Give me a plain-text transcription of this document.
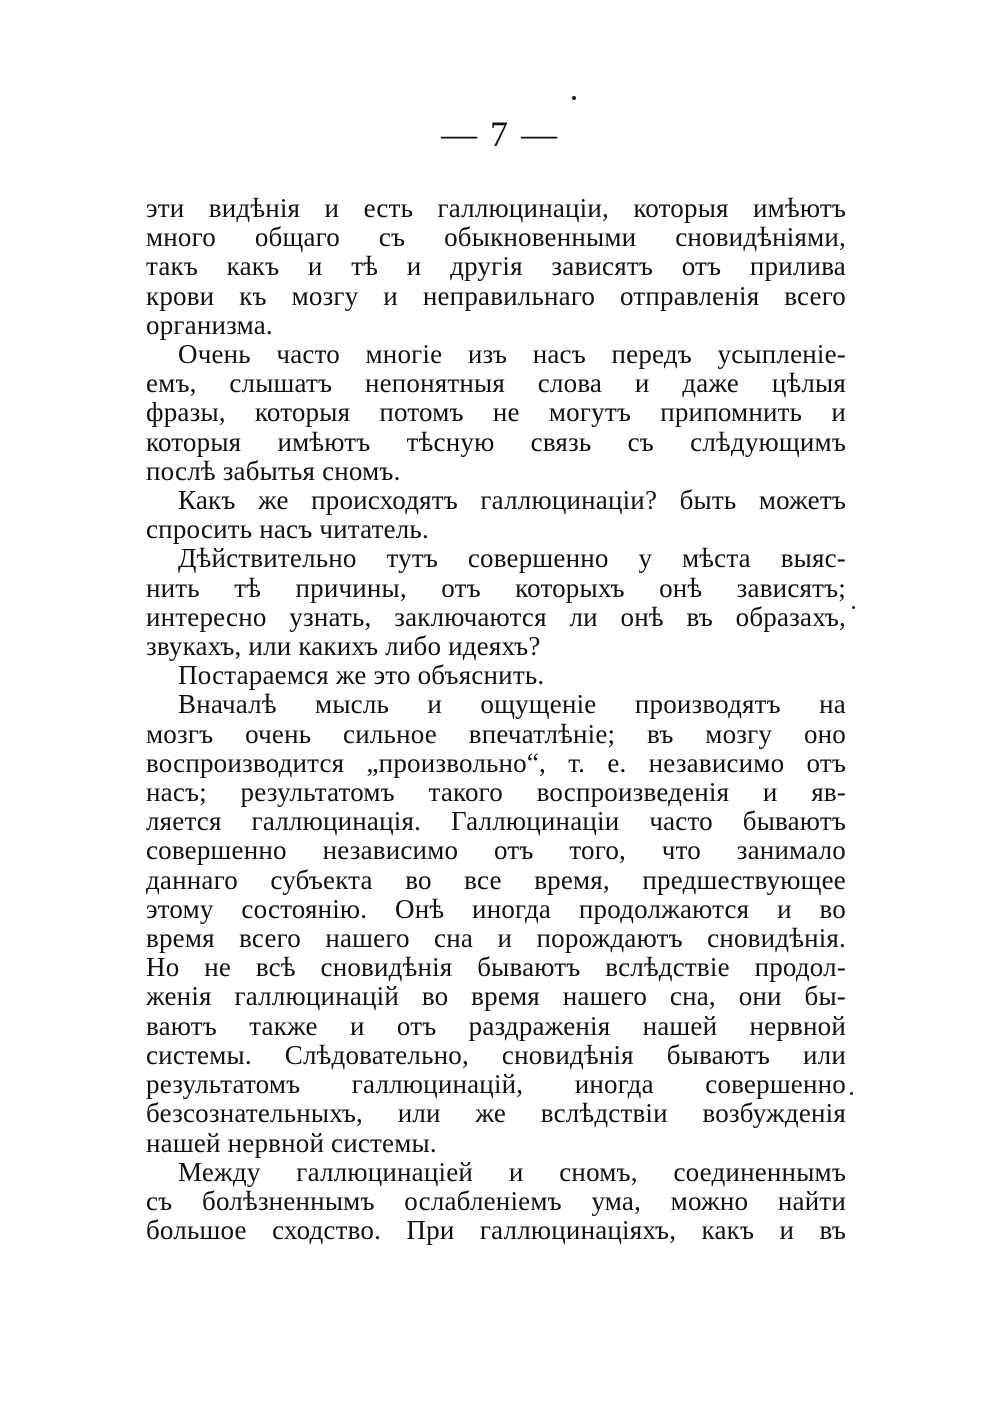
— 7 —

эти видѣнія и есть галлюцинаціи, которыя имѣютъ
много общаго съ обыкновенными сновидѣніями,
такъ какъ и тѣ и другія зависятъ отъ прилива
крови къ мозгу и неправильнаго отправленія всего
организма.

Очень часто многіе изъ насъ передъ усыпленіе-
емъ, слышатъ непонятныя слова и даже цѣлыя
фразы, которыя потомъ не могутъ припомнить и
которыя имѣютъ тѣсную связь съ слѣдующимъ
послѣ забытья сномъ.

Какъ же происходятъ галлюцинаціи? быть можетъ
спросить насъ читатель.

Дѣйствительно тутъ совершенно у мѣста выяс-
нить тѣ причины, отъ которыхъ онѣ зависятъ;
интересно узнать, заключаются ли онѣ въ образахъ,
звукахъ, или какихъ либо идеяхъ?

Постараемся же это объяснить.

Вначалѣ мысль и ощущеніе производятъ на
мозгъ очень сильное впечатлѣніе; въ мозгу оно
воспроизводится „произвольно“, т. е. независимо отъ
насъ; результатомъ такого воспроизведенія и яв-
ляется галлюцинація. Галлюцинаціи часто бываютъ
совершенно независимо отъ того, что занимало
даннаго субъекта во все время, предшествующее
этому состоянію. Онѣ иногда продолжаются и во
время всего нашего сна и порождаютъ сновидѣнія.
Но не всѣ сновидѣнія бываютъ вслѣдствіе продол-
женія галлюцинацій во время нашего сна, они бы-
ваютъ также и отъ раздраженія нашей нервной
системы. Слѣдовательно, сновидѣнія бываютъ или
результатомъ галлюцинацій, иногда совершенно
безсознательныхъ, или же вслѣдствіи возбужденія
нашей нервной системы.

Между галлюцинаціей и сномъ, соединеннымъ
съ болѣзненнымъ ослабленіемъ ума, можно найти
большое сходство. При галлюцинаціяхъ, какъ и въ
